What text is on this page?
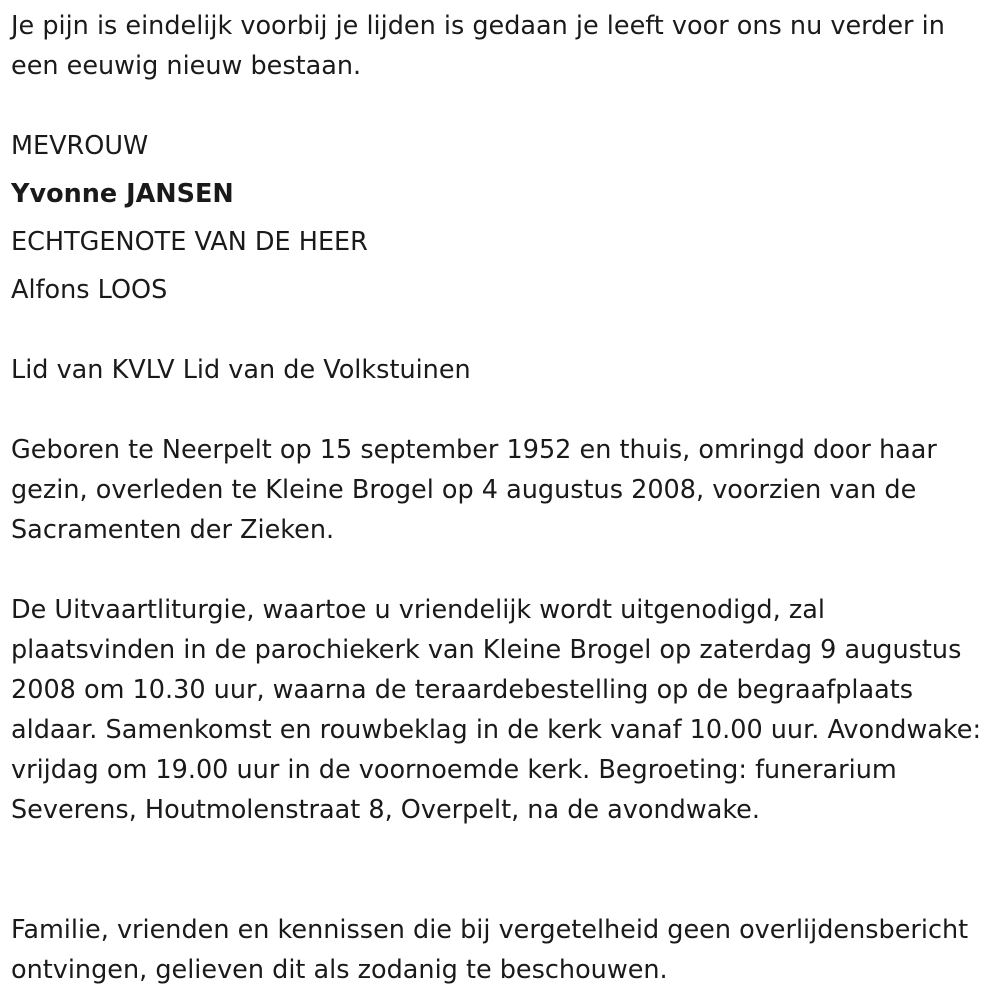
Je pijn is eindelijk voorbij je lijden is gedaan je leeft voor ons nu verder in een eeuwig nieuw bestaan.
MEVROUW
Yvonne JANSEN
ECHTGENOTE VAN DE HEER
Alfons LOOS
Lid van KVLV Lid van de Volkstuinen
Geboren te Neerpelt op 15 september 1952 en thuis, omringd door haar gezin, overleden te Kleine Brogel op 4 augustus 2008, voorzien van de Sacramenten der Zieken.
De Uitvaartliturgie, waartoe u vriendelijk wordt uitgenodigd, zal plaatsvinden in de parochiekerk van Kleine Brogel op zaterdag 9 augustus 2008 om 10.30 uur, waarna de teraardebestelling op de begraafplaats aldaar. Samenkomst en rouwbeklag in de kerk vanaf 10.00 uur. Avondwake: vrijdag om 19.00 uur in de voornoemde kerk. Begroeting: funerarium Severens, Houtmolenstraat 8, Overpelt, na de avondwake.
Familie, vrienden en kennissen die bij vergetelheid geen overlijdensbericht ontvingen, gelieven dit als zodanig te beschouwen.
